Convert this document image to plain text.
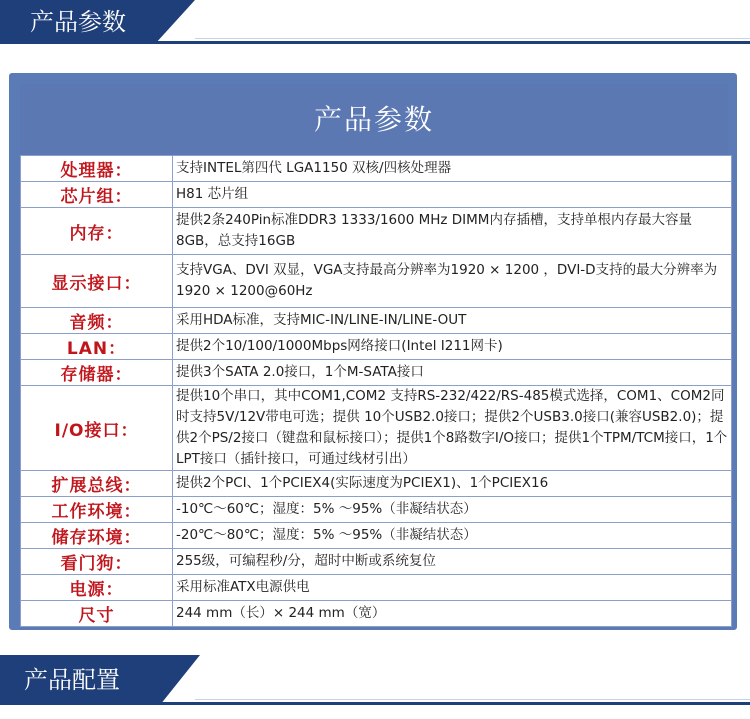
产品参数
产品参数
处理器：	支持INTEL第四代 LGA1150 双核/四核处理器
芯片组：	H81 芯片组
内存：	提供2条240Pin标准DDR3 1333/1600 MHz DIMM内存插槽，支持单根内存最大容量8GB，总支持16GB
显示接口：	支持VGA、DVI 双显，VGA支持最高分辨率为1920 × 1200 ，DVI-D支持的最大分辨率为1920 × 1200@60Hz
音频：	采用HDA标准，支持MIC-IN/LINE-IN/LINE-OUT
LAN：	提供2个10/100/1000Mbps网络接口(Intel I211网卡)
存储器：	提供3个SATA 2.0接口，1个M-SATA接口
I/O接口：	提供10个串口，其中COM1,COM2 支持RS-232/422/RS-485模式选择，COM1、COM2同时支持5V/12V带电可选；提供 10个USB2.0接口；提供2个USB3.0接口(兼容USB2.0)；提供2个PS/2接口（键盘和鼠标接口）；提供1个8路数字I/O接口；提供1个TPM/TCM接口，1个LPT接口（插针接口，可通过线材引出）
扩展总线：	提供2个PCI、1个PCIEX4(实际速度为PCIEX1)、1个PCIEX16
工作环境：	-10℃～60℃；湿度：5% ～95%（非凝结状态）
储存环境：	-20℃～80℃；湿度：5% ～95%（非凝结状态）
看门狗：	255级，可编程秒/分，超时中断或系统复位
电源：	采用标准ATX电源供电
尺寸	244 mm（长）× 244 mm（宽）
产品配置
